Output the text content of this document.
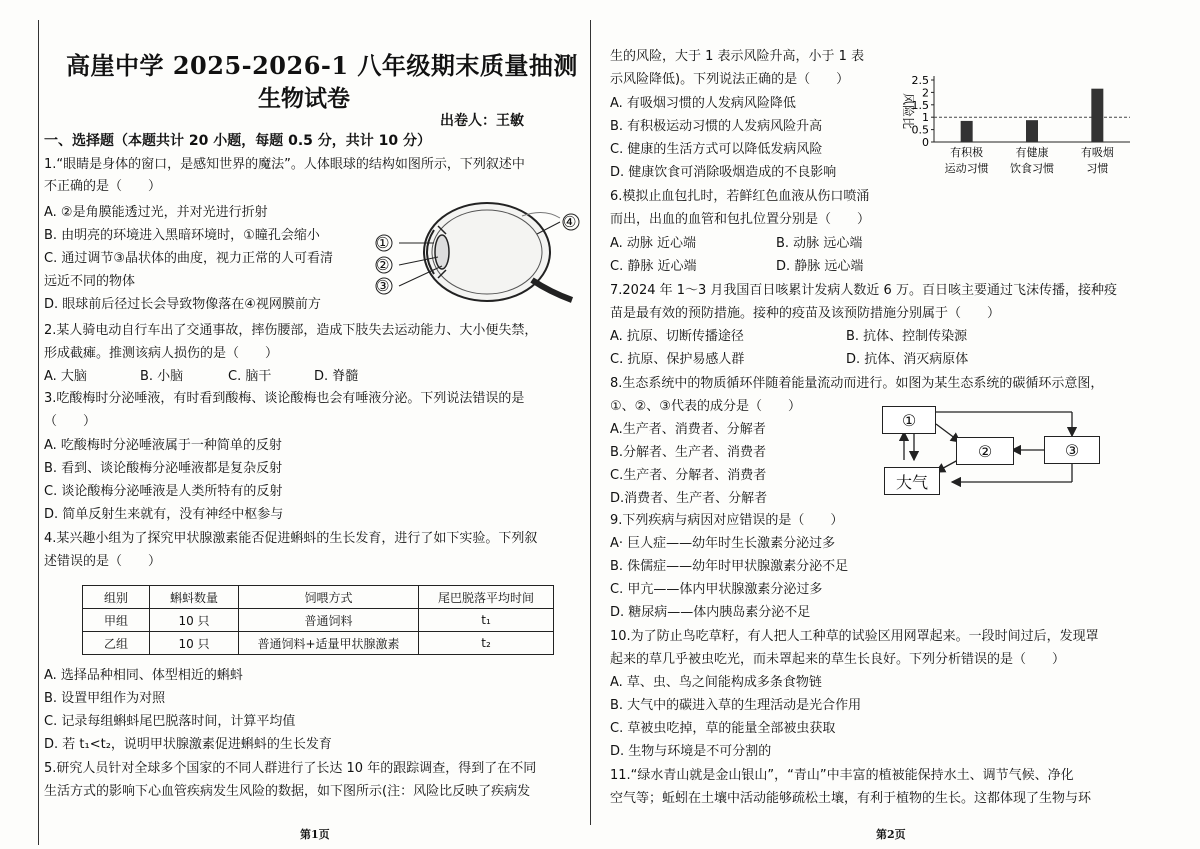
高崖中学 2025-2026-1 八年级期末质量抽测
生物试卷
出卷人：王敏
一、选择题（本题共计 20 小题，每题 0.5 分，共计 10 分）
1.“眼睛是身体的窗口，是感知世界的魔法”。人体眼球的结构如图所示，下列叙述中
不正确的是（　　）
A. ②是角膜能透过光，并对光进行折射
B. 由明亮的环境进入黑暗环境时，①瞳孔会缩小
C. 通过调节③晶状体的曲度，视力正常的人可看清
远近不同的物体
D. 眼球前后径过长会导致物像落在④视网膜前方
①
②
③
④
2.某人骑电动自行车出了交通事故，摔伤腰部，造成下肢失去运动能力、大小便失禁，
形成截瘫。推测该病人损伤的是（　　）
A. 大脑	B. 小脑	C. 脑干	D. 脊髓
3.吃酸梅时分泌唾液，有时看到酸梅、谈论酸梅也会有唾液分泌。下列说法错误的是
（　　）
A. 吃酸梅时分泌唾液属于一种简单的反射
B. 看到、谈论酸梅分泌唾液都是复杂反射
C. 谈论酸梅分泌唾液是人类所特有的反射
D. 简单反射生来就有，没有神经中枢参与
4.某兴趣小组为了探究甲状腺激素能否促进蝌蚪的生长发育，进行了如下实验。下列叙
述错误的是（　　）
组别	蝌蚪数量	饲喂方式	尾巴脱落平均时间
甲组	10 只	普通饲料	t₁
乙组	10 只	普通饲料+适量甲状腺激素	t₂
A. 选择品种相同、体型相近的蝌蚪
B. 设置甲组作为对照
C. 记录每组蝌蚪尾巴脱落时间，计算平均值
D. 若 t₁<t₂，说明甲状腺激素促进蝌蚪的生长发育
5.研究人员针对全球多个国家的不同人群进行了长达 10 年的跟踪调查，得到了在不同
生活方式的影响下心血管疾病发生风险的数据，如下图所示(注：风险比反映了疾病发
第1页
生的风险，大于 1 表示风险升高，小于 1 表
示风险降低)。下列说法正确的是（　　）
A. 有吸烟习惯的人发病风险降低
B. 有积极运动习惯的人发病风险升高
C. 健康的生活方式可以降低发病风险
D. 健康饮食可消除吸烟造成的不良影响
0
0.5
1
1.5
2
2.5
风险比
有积极
运动习惯
有健康
饮食习惯
有吸烟
习惯
6.模拟止血包扎时，若鲜红色血液从伤口喷涌
而出，出血的血管和包扎位置分别是（　　）
A. 动脉 近心端	B. 动脉 远心端
C. 静脉 近心端	D. 静脉 远心端
7.2024 年 1～3 月我国百日咳累计发病人数近 6 万。百日咳主要通过飞沫传播，接种疫
苗是最有效的预防措施。接种的疫苗及该预防措施分别属于（　　）
A. 抗原、切断传播途径	B. 抗体、控制传染源
C. 抗原、保护易感人群	D. 抗体、消灭病原体
8.生态系统中的物质循环伴随着能量流动而进行。如图为某生态系统的碳循环示意图，
①、②、③代表的成分是（　　）
A.生产者、消费者、分解者
B.分解者、生产者、消费者
C.生产者、分解者、消费者
D.消费者、生产者、分解者
①
②	③
大气
9.下列疾病与病因对应错误的是（　　）
A· 巨人症——幼年时生长激素分泌过多
B. 侏儒症——幼年时甲状腺激素分泌不足
C. 甲亢——体内甲状腺激素分泌过多
D. 糖尿病——体内胰岛素分泌不足
10.为了防止鸟吃草籽，有人把人工种草的试验区用网罩起来。一段时间过后，发现罩
起来的草几乎被虫吃光，而未罩起来的草生长良好。下列分析错误的是（　　）
A. 草、虫、鸟之间能构成多条食物链
B. 大气中的碳进入草的生理活动是光合作用
C. 草被虫吃掉，草的能量全部被虫获取
D. 生物与环境是不可分割的
11.“绿水青山就是金山银山”，“青山”中丰富的植被能保持水土、调节气候、净化
空气等；蚯蚓在土壤中活动能够疏松土壤，有利于植物的生长。这都体现了生物与环
第2页
